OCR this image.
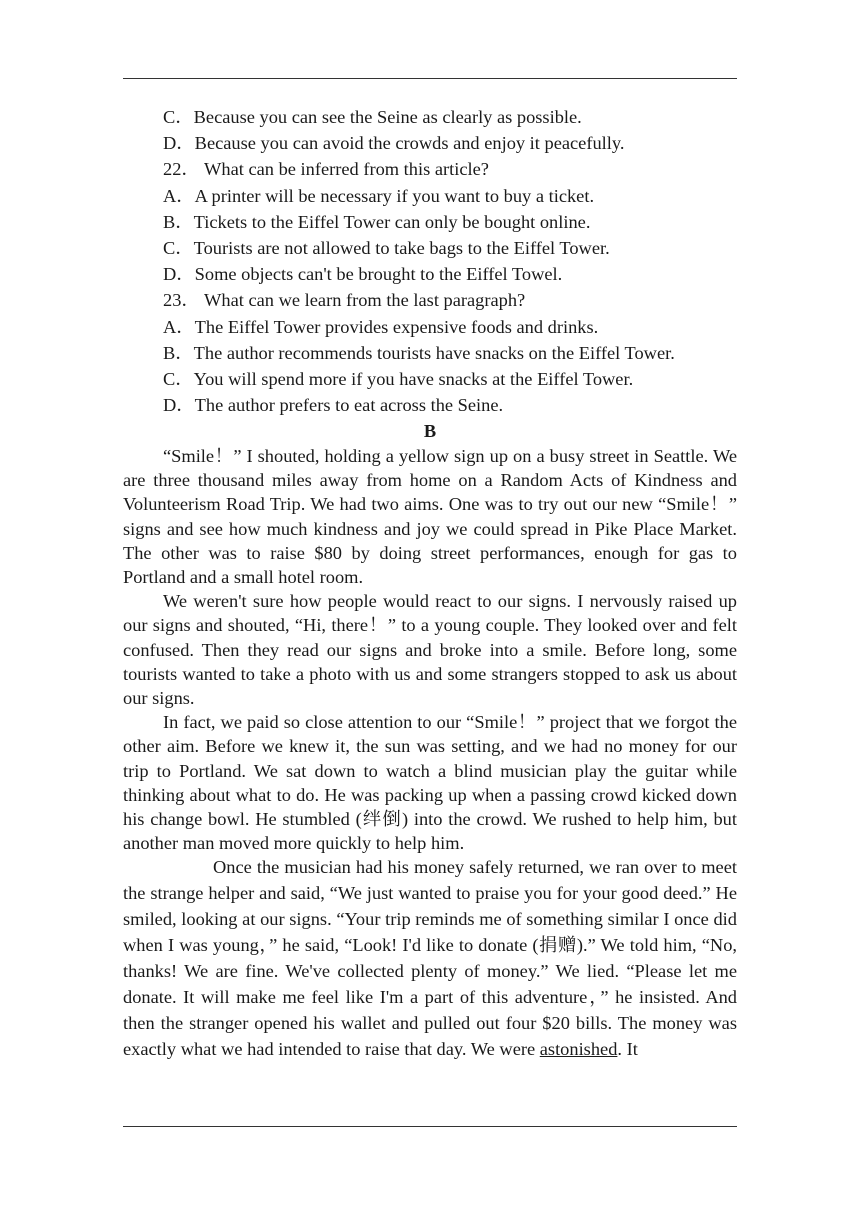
C．Because you can see the Seine as clearly as possible.
D．Because you can avoid the crowds and enjoy it peacefully.
22． What can be inferred from this article?
A．A printer will be necessary if you want to buy a ticket.
B．Tickets to the Eiffel Tower can only be bought online.
C．Tourists are not allowed to take bags to the Eiffel Tower.
D．Some objects can't be brought to the Eiffel Towel.
23． What can we learn from the last paragraph?
A．The Eiffel Tower provides expensive foods and drinks.
B．The author recommends tourists have snacks on the Eiffel Tower.
C．You will spend more if you have snacks at the Eiffel Tower.
D．The author prefers to eat across the Seine.
B

“Smile！” I shouted, holding a yellow sign up on a busy street in Seattle. We are three thousand miles away from home on a Random Acts of Kindness and Volunteerism Road Trip. We had two aims. One was to try out our new “Smile！” signs and see how much kindness and joy we could spread in Pike Place Market. The other was to raise $80 by doing street performances, enough for gas to Portland and a small hotel room.

We weren't sure how people would react to our signs. I nervously raised up our signs and shouted, “Hi, there！” to a young couple. They looked over and felt confused. Then they read our signs and broke into a smile. Before long, some tourists wanted to take a photo with us and some strangers stopped to ask us about our signs.

In fact, we paid so close attention to our “Smile！” project that we forgot the other aim. Before we knew it, the sun was setting, and we had no money for our trip to Portland. We sat down to watch a blind musician play the guitar while thinking about what to do. He was packing up when a passing crowd kicked down his change bowl. He stumbled (绊倒) into the crowd. We rushed to help him, but another man moved more quickly to help him.

Once the musician had his money safely returned, we ran over to meet the strange helper and said, “We just wanted to praise you for your good deed.” He smiled, looking at our signs. “Your trip reminds me of something similar I once did when I was young，” he said, “Look! I'd like to donate (捐赠).” We told him, “No, thanks! We are fine. We've collected plenty of money.” We lied. “Please let me donate. It will make me feel like I'm a part of this adventure，” he insisted. And then the stranger opened his wallet and pulled out four $20 bills. The money was exactly what we had intended to raise that day. We were astonished. It
